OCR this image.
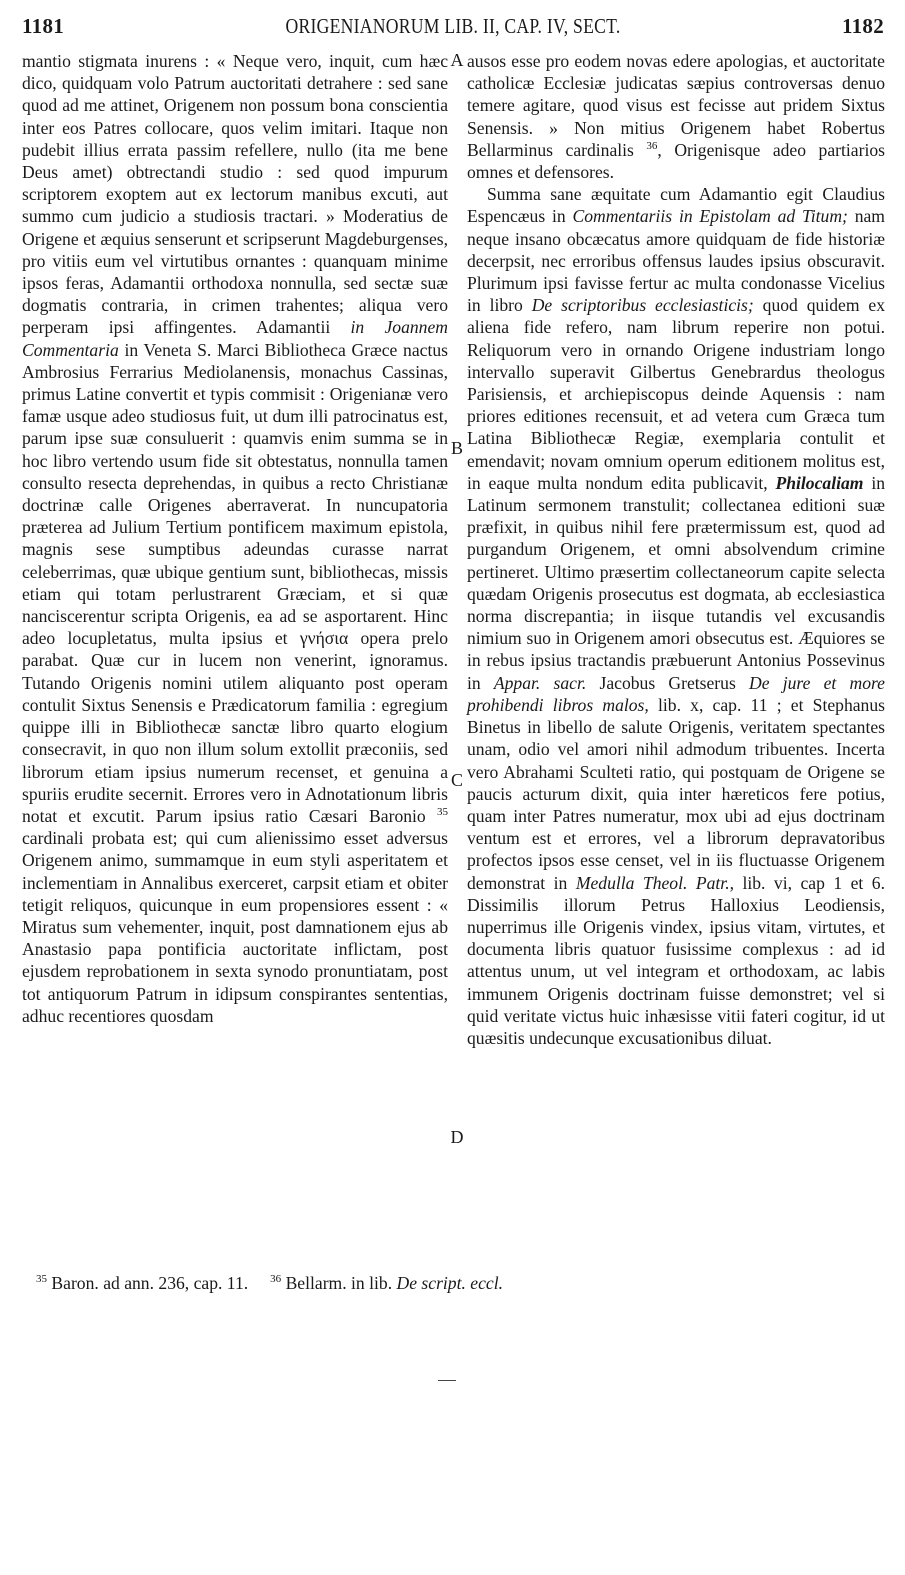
1181	ORIGENIANORUM LIB. II, CAP. IV, SECT.	1182

mantio stigmata inurens : « Neque vero, inquit, cum hæc dico, quidquam volo Patrum auctoritati detrahere : sed sane quod ad me attinet, Origenem non possum bona conscientia inter eos Patres collocare, quos velim imitari. Itaque non pudebit illius errata passim refellere, nullo (ita me bene Deus amet) obtrectandi studio : sed quod impurum scriptorem exoptem aut ex lectorum manibus excuti, aut summo cum judicio a studiosis tractari. » Moderatius de Origene et æquius senserunt et scripserunt Magdeburgenses, pro vitiis eum vel virtutibus ornantes : quanquam minime ipsos feras, Adamantii orthodoxa nonnulla, sed sectæ suæ dogmatis contraria, in crimen trahentes; aliqua vero perperam ipsi affingentes. Adamantii in Joannem Commentaria in Veneta S. Marci Bibliotheca Græce nactus Ambrosius Ferrarius Mediolanensis, monachus Cassinas, primus Latine convertit et typis commisit : Origenianæ vero famæ usque adeo studiosus fuit, ut dum illi patrocinatus est, parum ipse suæ consuluerit : quamvis enim summa se in hoc libro vertendo usum fide sit obtestatus, nonnulla tamen consulto resecta deprehendas, in quibus a recto Christianæ doctrinæ calle Origenes aberraverat. In nuncupatoria præterea ad Julium Tertium pontificem maximum epistola, magnis sese sumptibus adeundas curasse narrat celeberrimas, quæ ubique gentium sunt, bibliothecas, missis etiam qui totam perlustrarent Græciam, et si quæ nanciscerentur scripta Origenis, ea ad se asportarent. Hinc adeo locupletatus, multa ipsius et γνήσια opera prelo parabat. Quæ cur in lucem non venerint, ignoramus. Tutando Origenis nomini utilem aliquanto post operam contulit Sixtus Senensis e Prædicatorum familia : egregium quippe illi in Bibliothecæ sanctæ libro quarto elogium consecravit, in quo non illum solum extollit præconiis, sed librorum etiam ipsius numerum recenset, et genuina a spuriis erudite secernit. Errores vero in Adnotationum libris notat et excutit. Parum ipsius ratio Cæsari Baronio $^{35}$ cardinali probata est; qui cum alienissimo esset adversus Origenem animo, summamque in eum styli asperitatem et inclementiam in Annalibus exerceret, carpsit etiam et obiter tetigit reliquos, quicunque in eum propensiores essent : « Miratus sum vehementer, inquit, post damnationem ejus ab Anastasio papa pontificia auctoritate inflictam, post ejusdem reprobationem in sexta synodo pronuntiatam, post tot antiquorum Patrum in idipsum conspirantes sententias, adhuc recentiores quosdam

A
B
C
D

ausos esse pro eodem novas edere apologias, et auctoritate catholicæ Ecclesiæ judicatas sæpius controversas denuo temere agitare, quod visus est fecisse aut pridem Sixtus Senensis. » Non mitius Origenem habet Robertus Bellarminus cardinalis $^{36}$, Origenisque adeo partiarios omnes et defensores.

Summa sane æquitate cum Adamantio egit Claudius Espencæus in Commentariis in Epistolam ad Titum; nam neque insano obcæcatus amore quidquam de fide historiæ decerpsit, nec erroribus offensus laudes ipsius obscuravit. Plurimum ipsi favisse fertur ac multa condonasse Vicelius in libro De scriptoribus ecclesiasticis; quod quidem ex aliena fide refero, nam librum reperire non potui. Reliquorum vero in ornando Origene industriam longo intervallo superavit Gilbertus Genebrardus theologus Parisiensis, et archiepiscopus deinde Aquensis : nam priores editiones recensuit, et ad vetera cum Græca tum Latina Bibliothecæ Regiæ, exemplaria contulit et emendavit; novam omnium operum editionem molitus est, in eaque multa nondum edita publicavit, Philocaliam in Latinum sermonem transtulit; collectanea editioni suæ præfixit, in quibus nihil fere prætermissum est, quod ad purgandum Origenem, et omni absolvendum crimine pertineret. Ultimo præsertim collectaneorum capite selecta quædam Origenis prosecutus est dogmata, ab ecclesiastica norma discrepantia; in iisque tutandis vel excusandis nimium suo in Origenem amori obsecutus est. Æquiores se in rebus ipsius tractandis præbuerunt Antonius Possevinus in Appar. sacr. Jacobus Gretserus De jure et more prohibendi libros malos, lib. x, cap. 11 ; et Stephanus Binetus in libello de salute Origenis, veritatem spectantes unam, odio vel amori nihil admodum tribuentes. Incerta vero Abrahami Sculteti ratio, qui postquam de Origene se paucis acturum dixit, quia inter hæreticos fere potius, quam inter Patres numeratur, mox ubi ad ejus doctrinam ventum est et errores, vel a librorum depravatoribus profectos ipsos esse censet, vel in iis fluctuasse Origenem demonstrat in Medulla Theol. Patr., lib. vi, cap 1 et 6. Dissimilis illorum Petrus Halloxius Leodiensis, nuperrimus ille Origenis vindex, ipsius vitam, virtutes, et documenta libris quatuor fusissime complexus : ad id attentus unum, ut vel integram et orthodoxam, ac labis immunem Origenis doctrinam fuisse demonstret; vel si quid veritate victus huic inhæsisse vitii fateri cogitur, id ut quæsitis undecunque excusationibus diluat.

$^{35}$ Baron. ad ann. 236, cap. 11. $^{36}$ Bellarm. in lib. De script. eccl.
